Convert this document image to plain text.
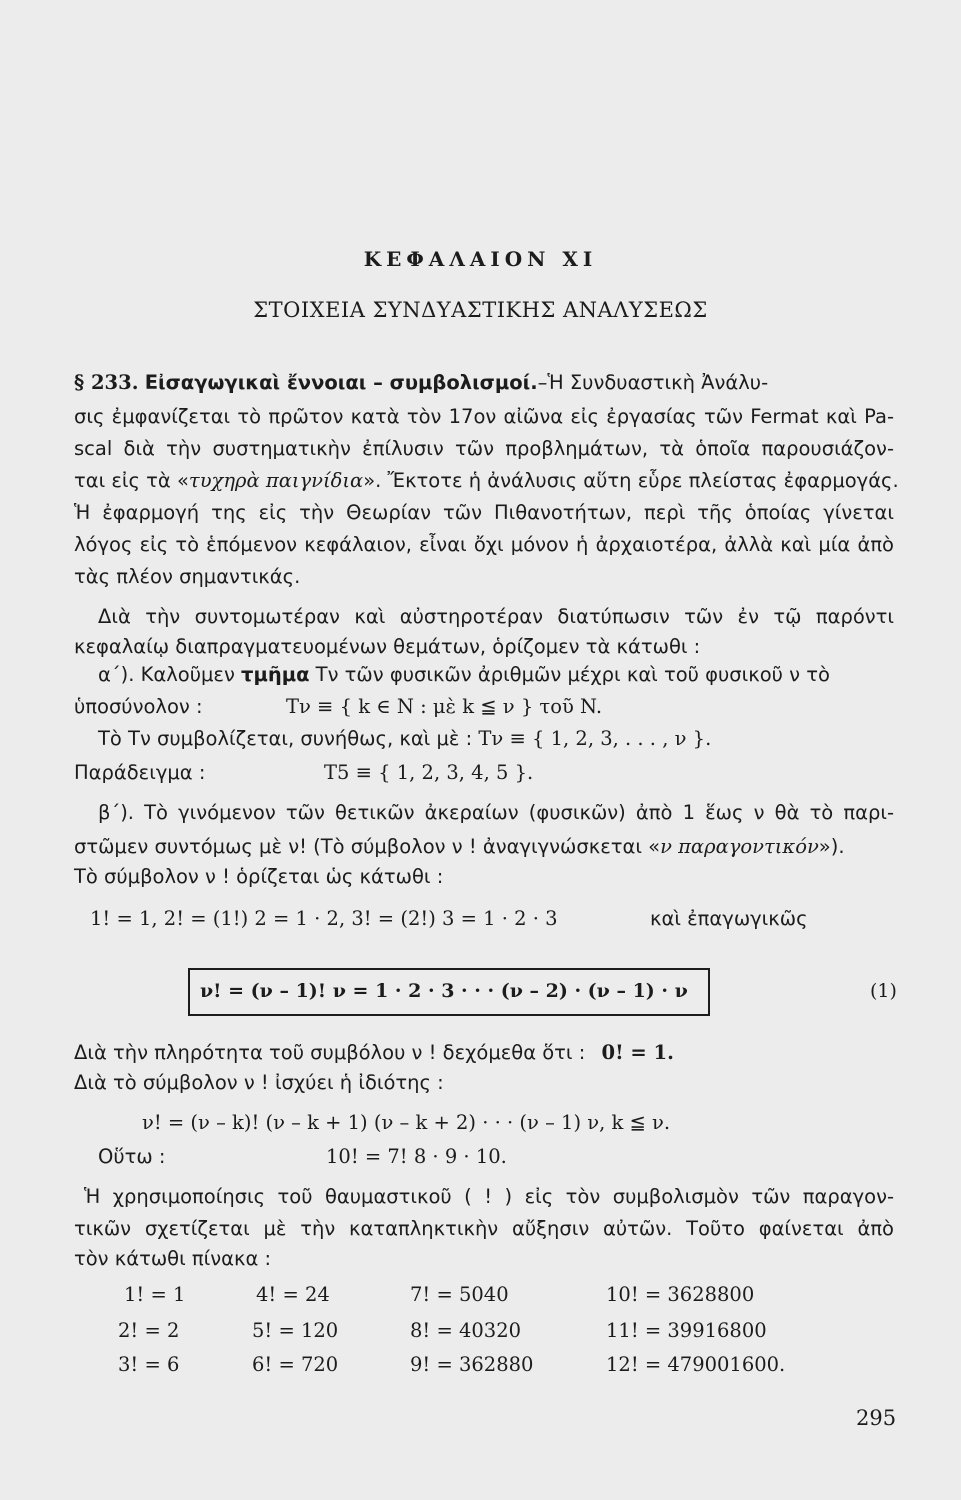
ΚΕΦΑΛΑΙΟΝ XI
ΣΤΟΙΧΕΙΑ ΣΥΝΔΥΑΣΤΙΚΗΣ ΑΝΑΛΥΣΕΩΣ
§ 233. Εἰσαγωγικαὶ ἔννοιαι – συμβολισμοί.–Ἡ Συνδυαστικὴ Ἀνάλυ-
σις ἐμφανίζεται τὸ πρῶτον κατὰ τὸν 17ον αἰῶνα εἰς ἐργασίας τῶν Fermat καὶ Pa-
scal διὰ τὴν συστηματικὴν ἐπίλυσιν τῶν προβλημάτων, τὰ ὁποῖα παρουσιάζον-
ται εἰς τὰ «τυχηρὰ παιγνίδια». Ἔκτοτε ἡ ἀνάλυσις αὕτη εὗρε πλείστας ἐφαρμογάς.
Ἡ ἐφαρμογή της εἰς τὴν Θεωρίαν τῶν Πιθανοτήτων, περὶ τῆς ὁποίας γίνεται
λόγος εἰς τὸ ἑπόμενον κεφάλαιον, εἶναι ὄχι μόνον ἡ ἀρχαιοτέρα, ἀλλὰ καὶ μία ἀπὸ
τὰς πλέον σημαντικάς.
Διὰ τὴν συντομωτέραν καὶ αὐστηροτέραν διατύπωσιν τῶν ἐν τῷ παρόντι
κεφαλαίῳ διαπραγματευομένων θεμάτων, ὁρίζομεν τὰ κάτωθι :
α΄). Καλοῦμεν τμῆμα Tν τῶν φυσικῶν ἀριθμῶν μέχρι καὶ τοῦ φυσικοῦ ν τὸ
ὑποσύνολον :	Tν ≡ { k ∈ N : μὲ k ≦ ν } τοῦ N.
Τὸ Tν συμβολίζεται, συνήθως, καὶ μὲ : Tν ≡ { 1, 2, 3, . . . , ν }.
Παράδειγμα :	T5 ≡ { 1, 2, 3, 4, 5 }.
β΄). Τὸ γινόμενον τῶν θετικῶν ἀκεραίων (φυσικῶν) ἀπὸ 1 ἕως ν θὰ τὸ παρι-
στῶμεν συντόμως μὲ ν! (Τὸ σύμβολον ν ! ἀναγιγνώσκεται «ν παραγοντικόν»).
Τὸ σύμβολον ν ! ὁρίζεται ὡς κάτωθι :
1! = 1, 2! = (1!) 2 = 1 · 2, 3! = (2!) 3 = 1 · 2 · 3	καὶ ἐπαγωγικῶς
ν! = (ν – 1)! ν = 1 · 2 · 3 · · · (ν – 2) · (ν – 1) · ν	(1)
Διὰ τὴν πληρότητα τοῦ συμβόλου ν ! δεχόμεθα ὅτι : 0! = 1.
Διὰ τὸ σύμβολον ν ! ἰσχύει ἡ ἰδιότης :
ν! = (ν – k)! (ν – k + 1) (ν – k + 2) · · · (ν – 1) ν, k ≦ ν.
Οὕτω :	10! = 7! 8 · 9 · 10.
Ἡ χρησιμοποίησις τοῦ θαυμαστικοῦ ( ! ) εἰς τὸν συμβολισμὸν τῶν παραγον-
τικῶν σχετίζεται μὲ τὴν καταπληκτικὴν αὔξησιν αὐτῶν. Τοῦτο φαίνεται ἀπὸ
τὸν κάτωθι πίνακα :
1! = 1	4! = 24	7! = 5040	10! = 3628800
2! = 2	5! = 120	8! = 40320	11! = 39916800
3! = 6	6! = 720	9! = 362880	12! = 479001600.
295
